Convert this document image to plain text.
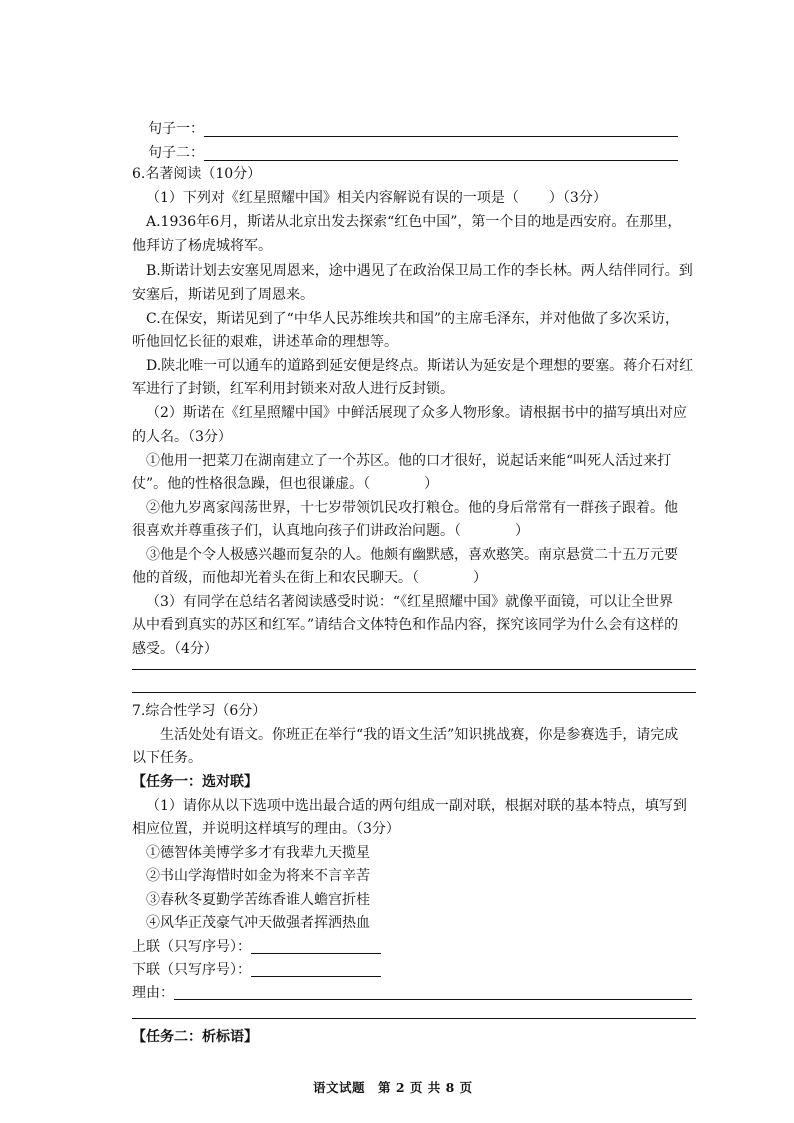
句子一：
句子二：
6.名著阅读（10分）
（1）下列对《红星照耀中国》相关内容解说有误的一项是（ ）（3分）
A.1936年6月，斯诺从北京出发去探索“红色中国”，第一个目的地是西安府。在那里，
他拜访了杨虎城将军。
B.斯诺计划去安塞见周恩来，途中遇见了在政治保卫局工作的李长林。两人结伴同行。到
安塞后，斯诺见到了周恩来。
C.在保安，斯诺见到了“中华人民苏维埃共和国”的主席毛泽东，并对他做了多次采访，
听他回忆长征的艰难，讲述革命的理想等。
D.陕北唯一可以通车的道路到延安便是终点。斯诺认为延安是个理想的要塞。蒋介石对红
军进行了封锁，红军利用封锁来对敌人进行反封锁。
（2）斯诺在《红星照耀中国》中鲜活展现了众多人物形象。请根据书中的描写填出对应
的人名。（3分）
①他用一把菜刀在湖南建立了一个苏区。他的口才很好，说起话来能“叫死人活过来打
仗”。他的性格很急躁，但也很谦虚。（	）
②他九岁离家闯荡世界，十七岁带领饥民攻打粮仓。他的身后常常有一群孩子跟着。他
很喜欢并尊重孩子们，认真地向孩子们讲政治问题。（	）
③他是个令人极感兴趣而复杂的人。他颇有幽默感，喜欢憨笑。南京悬赏二十五万元要
他的首级，而他却光着头在街上和农民聊天。（	）
（3）有同学在总结名著阅读感受时说：“《红星照耀中国》就像平面镜，可以让全世界
从中看到真实的苏区和红军。”请结合文体特色和作品内容，探究该同学为什么会有这样的
感受。（4分）
7.综合性学习（6分）
生活处处有语文。你班正在举行“我的语文生活”知识挑战赛，你是参赛选手，请完成
以下任务。
【任务一：选对联】
（1）请你从以下选项中选出最合适的两句组成一副对联，根据对联的基本特点，填写到
相应位置，并说明这样填写的理由。（3分）
①德智体美博学多才有我辈九天揽星
②书山学海惜时如金为将来不言辛苦
③春秋冬夏勤学苦练香谁人蟾宫折桂
④风华正茂豪气冲天做强者挥洒热血
上联（只写序号）：
下联（只写序号）：
理由：
【任务二：析标语】
语文试题　第 2 页 共 8 页
